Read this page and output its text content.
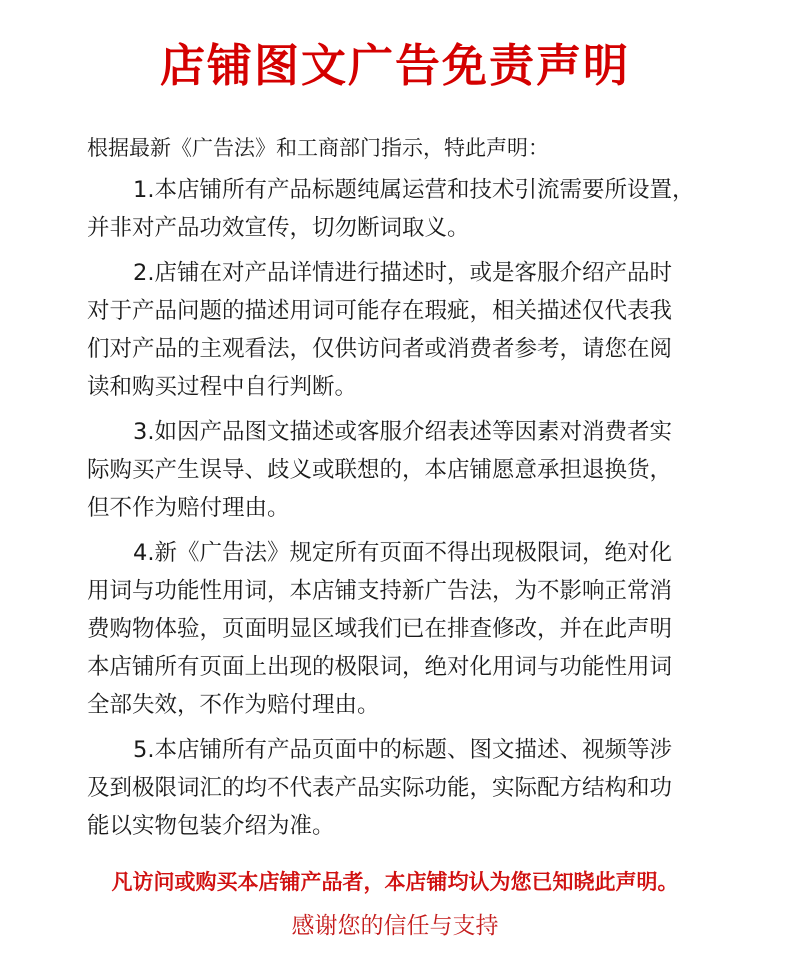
店铺图文广告免责声明
根据最新《广告法》和工商部门指示，特此声明：
1.本店铺所有产品标题纯属运营和技术引流需要所设置，
并非对产品功效宣传，切勿断词取义。
2.店铺在对产品详情进行描述时，或是客服介绍产品时
对于产品问题的描述用词可能存在瑕疵，相关描述仅代表我
们对产品的主观看法，仅供访问者或消费者参考，请您在阅
读和购买过程中自行判断。
3.如因产品图文描述或客服介绍表述等因素对消费者实
际购买产生误导、歧义或联想的，本店铺愿意承担退换货，
但不作为赔付理由。
4.新《广告法》规定所有页面不得出现极限词，绝对化
用词与功能性用词，本店铺支持新广告法，为不影响正常消
费购物体验，页面明显区域我们已在排查修改，并在此声明
本店铺所有页面上出现的极限词，绝对化用词与功能性用词
全部失效，不作为赔付理由。
5.本店铺所有产品页面中的标题、图文描述、视频等涉
及到极限词汇的均不代表产品实际功能，实际配方结构和功
能以实物包装介绍为准。
凡访问或购买本店铺产品者，本店铺均认为您已知晓此声明。
感谢您的信任与支持
